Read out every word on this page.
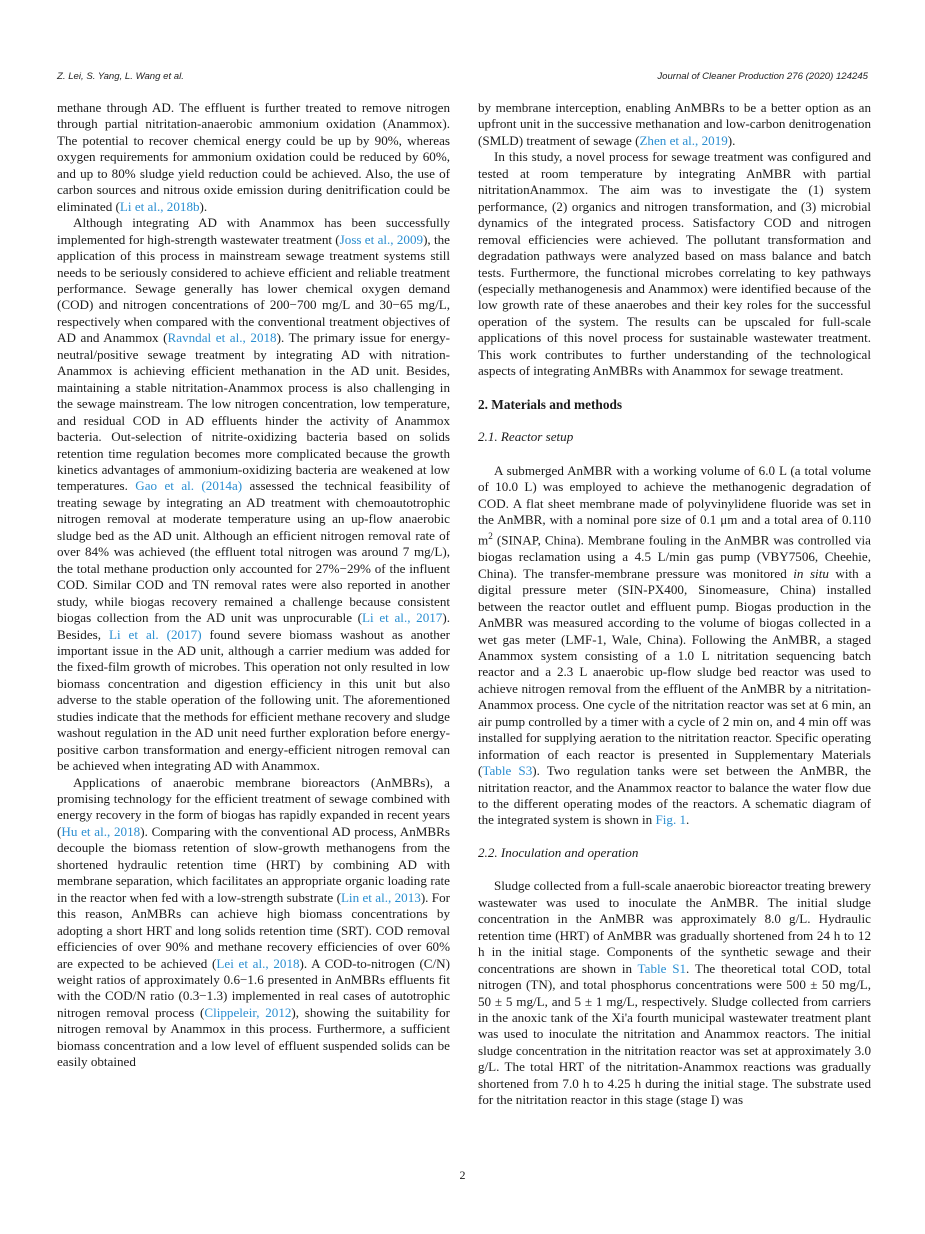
Z. Lei, S. Yang, L. Wang et al.	Journal of Cleaner Production 276 (2020) 124245

methane through AD. The effluent is further treated to remove nitrogen through partial nitritation-anaerobic ammonium oxidation (Anammox). The potential to recover chemical energy could be up by 90%, whereas oxygen requirements for ammonium oxidation could be reduced by 60%, and up to 80% sludge yield reduction could be achieved. Also, the use of carbon sources and nitrous oxide emission during denitrification could be eliminated (Li et al., 2018b).

Although integrating AD with Anammox has been successfully implemented for high-strength wastewater treatment (Joss et al., 2009), the application of this process in mainstream sewage treatment systems still needs to be seriously considered to achieve efficient and reliable treatment performance. Sewage generally has lower chemical oxygen demand (COD) and nitrogen concentrations of 200−700 mg/L and 30−65 mg/L, respectively when compared with the conventional treatment objectives of AD and Anammox (Ravndal et al., 2018). The primary issue for energy-neutral/positive sewage treatment by integrating AD with nitration-Anammox is achieving efficient methanation in the AD unit. Besides, maintaining a stable nitritation-Anammox process is also challenging in the sewage mainstream. The low nitrogen concentration, low temperature, and residual COD in AD effluents hinder the activity of Anammox bacteria. Out-selection of nitrite-oxidizing bacteria based on solids retention time regulation becomes more complicated because the growth kinetics advantages of ammonium-oxidizing bacteria are weakened at low temperatures. Gao et al. (2014a) assessed the technical feasibility of treating sewage by integrating an AD treatment with chemoautotrophic nitrogen removal at moderate temperature using an up-flow anaerobic sludge bed as the AD unit. Although an efficient nitrogen removal rate of over 84% was achieved (the effluent total nitrogen was around 7 mg/L), the total methane production only accounted for 27%−29% of the influent COD. Similar COD and TN removal rates were also reported in another study, while biogas recovery remained a challenge because consistent biogas collection from the AD unit was unprocurable (Li et al., 2017). Besides, Li et al. (2017) found severe biomass washout as another important issue in the AD unit, although a carrier medium was added for the fixed-film growth of microbes. This operation not only resulted in low biomass concentration and digestion efficiency in this unit but also adverse to the stable operation of the following unit. The aforementioned studies indicate that the methods for efficient methane recovery and sludge washout regulation in the AD unit need further exploration before energy-positive carbon transformation and energy-efficient nitrogen removal can be achieved when integrating AD with Anammox.

Applications of anaerobic membrane bioreactors (AnMBRs), a promising technology for the efficient treatment of sewage combined with energy recovery in the form of biogas has rapidly expanded in recent years (Hu et al., 2018). Comparing with the conventional AD process, AnMBRs decouple the biomass retention of slow-growth methanogens from the shortened hydraulic retention time (HRT) by combining AD with membrane separation, which facilitates an appropriate organic loading rate in the reactor when fed with a low-strength substrate (Lin et al., 2013). For this reason, AnMBRs can achieve high biomass concentrations by adopting a short HRT and long solids retention time (SRT). COD removal efficiencies of over 90% and methane recovery efficiencies of over 60% are expected to be achieved (Lei et al., 2018). A COD-to-nitrogen (C/N) weight ratios of approximately 0.6−1.6 presented in AnMBRs effluents fit with the COD/N ratio (0.3−1.3) implemented in real cases of autotrophic nitrogen removal process (Clippeleir, 2012), showing the suitability for nitrogen removal by Anammox in this process. Furthermore, a sufficient biomass concentration and a low level of effluent suspended solids can be easily obtained

by membrane interception, enabling AnMBRs to be a better option as an upfront unit in the successive methanation and low-carbon denitrogenation (SMLD) treatment of sewage (Zhen et al., 2019).

In this study, a novel process for sewage treatment was configured and tested at room temperature by integrating AnMBR with partial nitritationAnammox. The aim was to investigate the (1) system performance, (2) organics and nitrogen transformation, and (3) microbial dynamics of the integrated process. Satisfactory COD and nitrogen removal efficiencies were achieved. The pollutant transformation and degradation pathways were analyzed based on mass balance and batch tests. Furthermore, the functional microbes correlating to key pathways (especially methanogenesis and Anammox) were identified because of the low growth rate of these anaerobes and their key roles for the successful operation of the system. The results can be upscaled for full-scale applications of this novel process for sustainable wastewater treatment. This work contributes to further understanding of the technological aspects of integrating AnMBRs with Anammox for sewage treatment.

2. Materials and methods
2.1. Reactor setup

A submerged AnMBR with a working volume of 6.0 L (a total volume of 10.0 L) was employed to achieve the methanogenic degradation of COD. A flat sheet membrane made of polyvinylidene fluoride was set in the AnMBR, with a nominal pore size of 0.1 μm and a total area of 0.110 $m^2$ (SINAP, China). Membrane fouling in the AnMBR was controlled via biogas reclamation using a 4.5 L/min gas pump (VBY7506, Cheehie, China). The transfer-membrane pressure was monitored in situ with a digital pressure meter (SIN-PX400, Sinomeasure, China) installed between the reactor outlet and effluent pump. Biogas production in the AnMBR was measured according to the volume of biogas collected in a wet gas meter (LMF-1, Wale, China). Following the AnMBR, a staged Anammox system consisting of a 1.0 L nitritation sequencing batch reactor and a 2.3 L anaerobic up-flow sludge bed reactor was used to achieve nitrogen removal from the effluent of the AnMBR by a nitritation-Anammox process. One cycle of the nitritation reactor was set at 6 min, an air pump controlled by a timer with a cycle of 2 min on, and 4 min off was installed for supplying aeration to the nitritation reactor. Specific operating information of each reactor is presented in Supplementary Materials (Table S3). Two regulation tanks were set between the AnMBR, the nitritation reactor, and the Anammox reactor to balance the water flow due to the different operating modes of the reactors. A schematic diagram of the integrated system is shown in Fig. 1.

2.2. Inoculation and operation

Sludge collected from a full-scale anaerobic bioreactor treating brewery wastewater was used to inoculate the AnMBR. The initial sludge concentration in the AnMBR was approximately 8.0 g/L. Hydraulic retention time (HRT) of AnMBR was gradually shortened from 24 h to 12 h in the initial stage. Components of the synthetic sewage and their concentrations are shown in Table S1. The theoretical total COD, total nitrogen (TN), and total phosphorus concentrations were 500 ± 50 mg/L, 50 ± 5 mg/L, and 5 ± 1 mg/L, respectively. Sludge collected from carriers in the anoxic tank of the Xi'a fourth municipal wastewater treatment plant was used to inoculate the nitritation and Anammox reactors. The initial sludge concentration in the nitritation reactor was set at approximately 3.0 g/L. The total HRT of the nitritation-Anammox reactions was gradually shortened from 7.0 h to 4.25 h during the initial stage. The substrate used for the nitritation reactor in this stage (stage I) was

2
